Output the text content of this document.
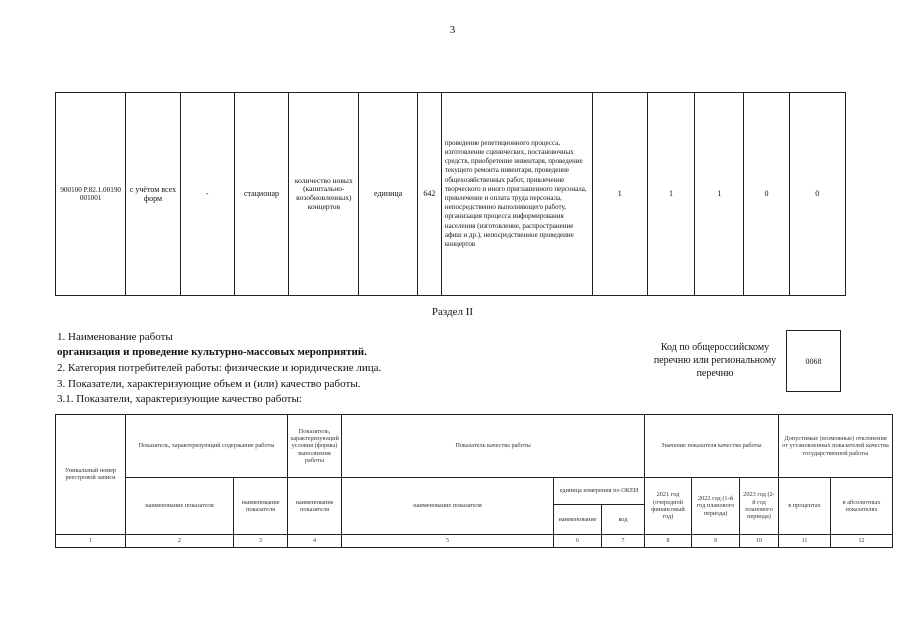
3
900100 P.82.1.00190 001001	с учётом всех форм	-	стационар	количество новых (капитально-возобновленных) концертов	единица	642	проведение репетиционного процесса, изготовление сценических, постановочных средств, приобретение инвентаря, проведение текущего ремонта инвентаря, проведение общехозяйственных работ, привлечение творческого и иного приглашенного персонала, привлечение и оплата труда персонала, непосредственно выполняющего работу, организация процесса информирования населения (изготовление, распространение афиш и др.), непосредственное проведение концертов	1	1	1	0	0
Раздел II
1. Наименование работы
организация и проведение культурно-массовых мероприятий.
2. Категория потребителей работы: физические и юридические лица.
3. Показатели, характеризующие объем и (или) качество работы.
3.1. Показатели, характеризующие качество работы:
Код по общероссийскому
перечню или региональному
перечню
0068
Уникальный номер реестровой записи	Показатель, характеризующий содержание работы		Показатель, характеризующий условия (формы) выполнения работы	Показатель качества работы			Значение показателя качества работы			Допустимые (возможные) отклонения от установленных показателей качества государственной работы	
	наименование показателя	наименование показателя	наименование показателя	наименование показателя	единица измерения по ОКЕИ		2021 год (очередной финансовый год)	2022 год (1-й год планового периода)	2023 год (2-й год планового периода)	в процентах	в абсолютных показателях
					наименование	код					
1	2	3	4	5	6	7	8	9	10	11	12
